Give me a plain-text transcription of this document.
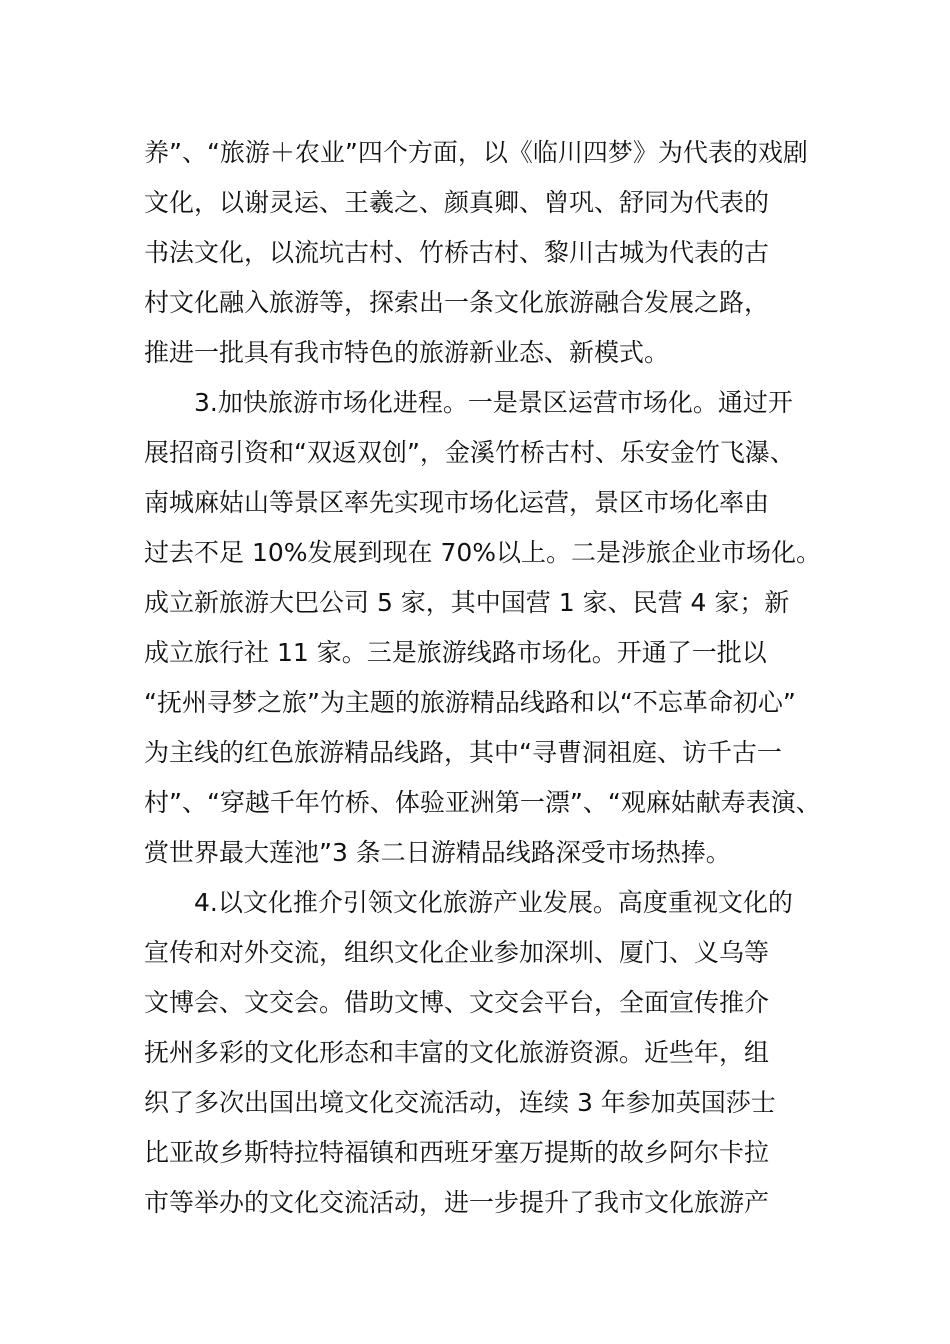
养”、“旅游＋农业”四个方面，以《临川四梦》为代表的戏剧
文化，以谢灵运、王羲之、颜真卿、曾巩、舒同为代表的
书法文化，以流坑古村、竹桥古村、黎川古城为代表的古
村文化融入旅游等，探索出一条文化旅游融合发展之路，
推进一批具有我市特色的旅游新业态、新模式。
3.加快旅游市场化进程。一是景区运营市场化。通过开
展招商引资和“双返双创”，金溪竹桥古村、乐安金竹飞瀑、
南城麻姑山等景区率先实现市场化运营，景区市场化率由
过去不足 10%发展到现在 70%以上。二是涉旅企业市场化。
成立新旅游大巴公司 5 家，其中国营 1 家、民营 4 家；新
成立旅行社 11 家。三是旅游线路市场化。开通了一批以
“抚州寻梦之旅”为主题的旅游精品线路和以“不忘革命初心”
为主线的红色旅游精品线路，其中“寻曹洞祖庭、访千古一
村”、“穿越千年竹桥、体验亚洲第一漂”、“观麻姑献寿表演、
赏世界最大莲池”3 条二日游精品线路深受市场热捧。
4.以文化推介引领文化旅游产业发展。高度重视文化的
宣传和对外交流，组织文化企业参加深圳、厦门、义乌等
文博会、文交会。借助文博、文交会平台，全面宣传推介
抚州多彩的文化形态和丰富的文化旅游资源。近些年，组
织了多次出国出境文化交流活动，连续 3 年参加英国莎士
比亚故乡斯特拉特福镇和西班牙塞万提斯的故乡阿尔卡拉
市等举办的文化交流活动，进一步提升了我市文化旅游产
